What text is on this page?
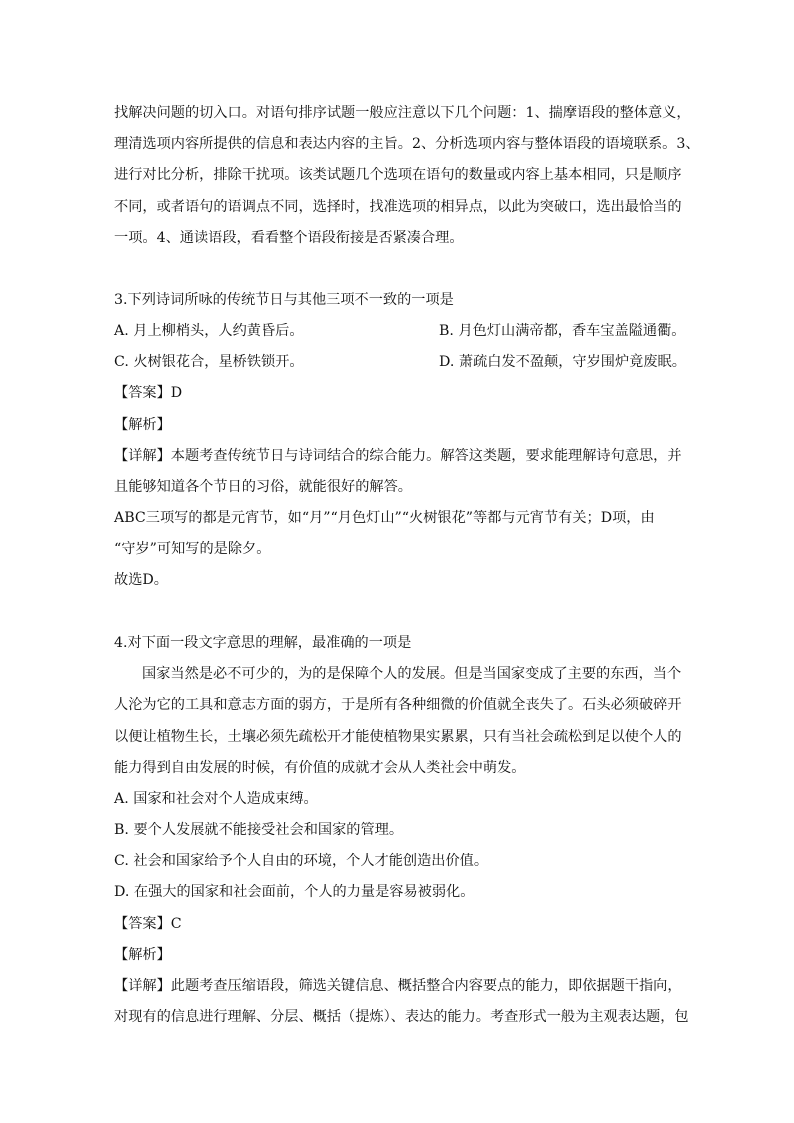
找解决问题的切入口。对语句排序试题一般应注意以下几个问题：1、揣摩语段的整体意义，
理清选项内容所提供的信息和表达内容的主旨。2、分析选项内容与整体语段的语境联系。3、
进行对比分析，排除干扰项。该类试题几个选项在语句的数量或内容上基本相同，只是顺序
不同，或者语句的语调点不同，选择时，找准选项的相异点，以此为突破口，选出最恰当的
一项。4、通读语段，看看整个语段衔接是否紧凑合理。
3.下列诗词所咏的传统节日与其他三项不一致的一项是
A. 月上柳梢头，人约黄昏后。	B. 月色灯山满帝都，香车宝盖隘通衢。
C. 火树银花合，星桥铁锁开。	D. 萧疏白发不盈颠，守岁围炉竟废眠。
【答案】D
【解析】
【详解】本题考查传统节日与诗词结合的综合能力。解答这类题，要求能理解诗句意思，并
且能够知道各个节日的习俗，就能很好的解答。
ABC三项写的都是元宵节，如“月”“月色灯山”“火树银花”等都与元宵节有关；D项，由
“守岁”可知写的是除夕。
故选D。
4.对下面一段文字意思的理解，最准确的一项是
国家当然是必不可少的，为的是保障个人的发展。但是当国家变成了主要的东西，当个
人沦为它的工具和意志方面的弱方，于是所有各种细微的价值就全丧失了。石头必须破碎开
以便让植物生长，土壤必须先疏松开才能使植物果实累累，只有当社会疏松到足以使个人的
能力得到自由发展的时候，有价值的成就才会从人类社会中萌发。
A. 国家和社会对个人造成束缚。
B. 要个人发展就不能接受社会和国家的管理。
C. 社会和国家给予个人自由的环境，个人才能创造出价值。
D. 在强大的国家和社会面前，个人的力量是容易被弱化。
【答案】C
【解析】
【详解】此题考查压缩语段，筛选关键信息、概括整合内容要点的能力，即依据题干指向，
对现有的信息进行理解、分层、概括（提炼）、表达的能力。考查形式一般为主观表达题，包
